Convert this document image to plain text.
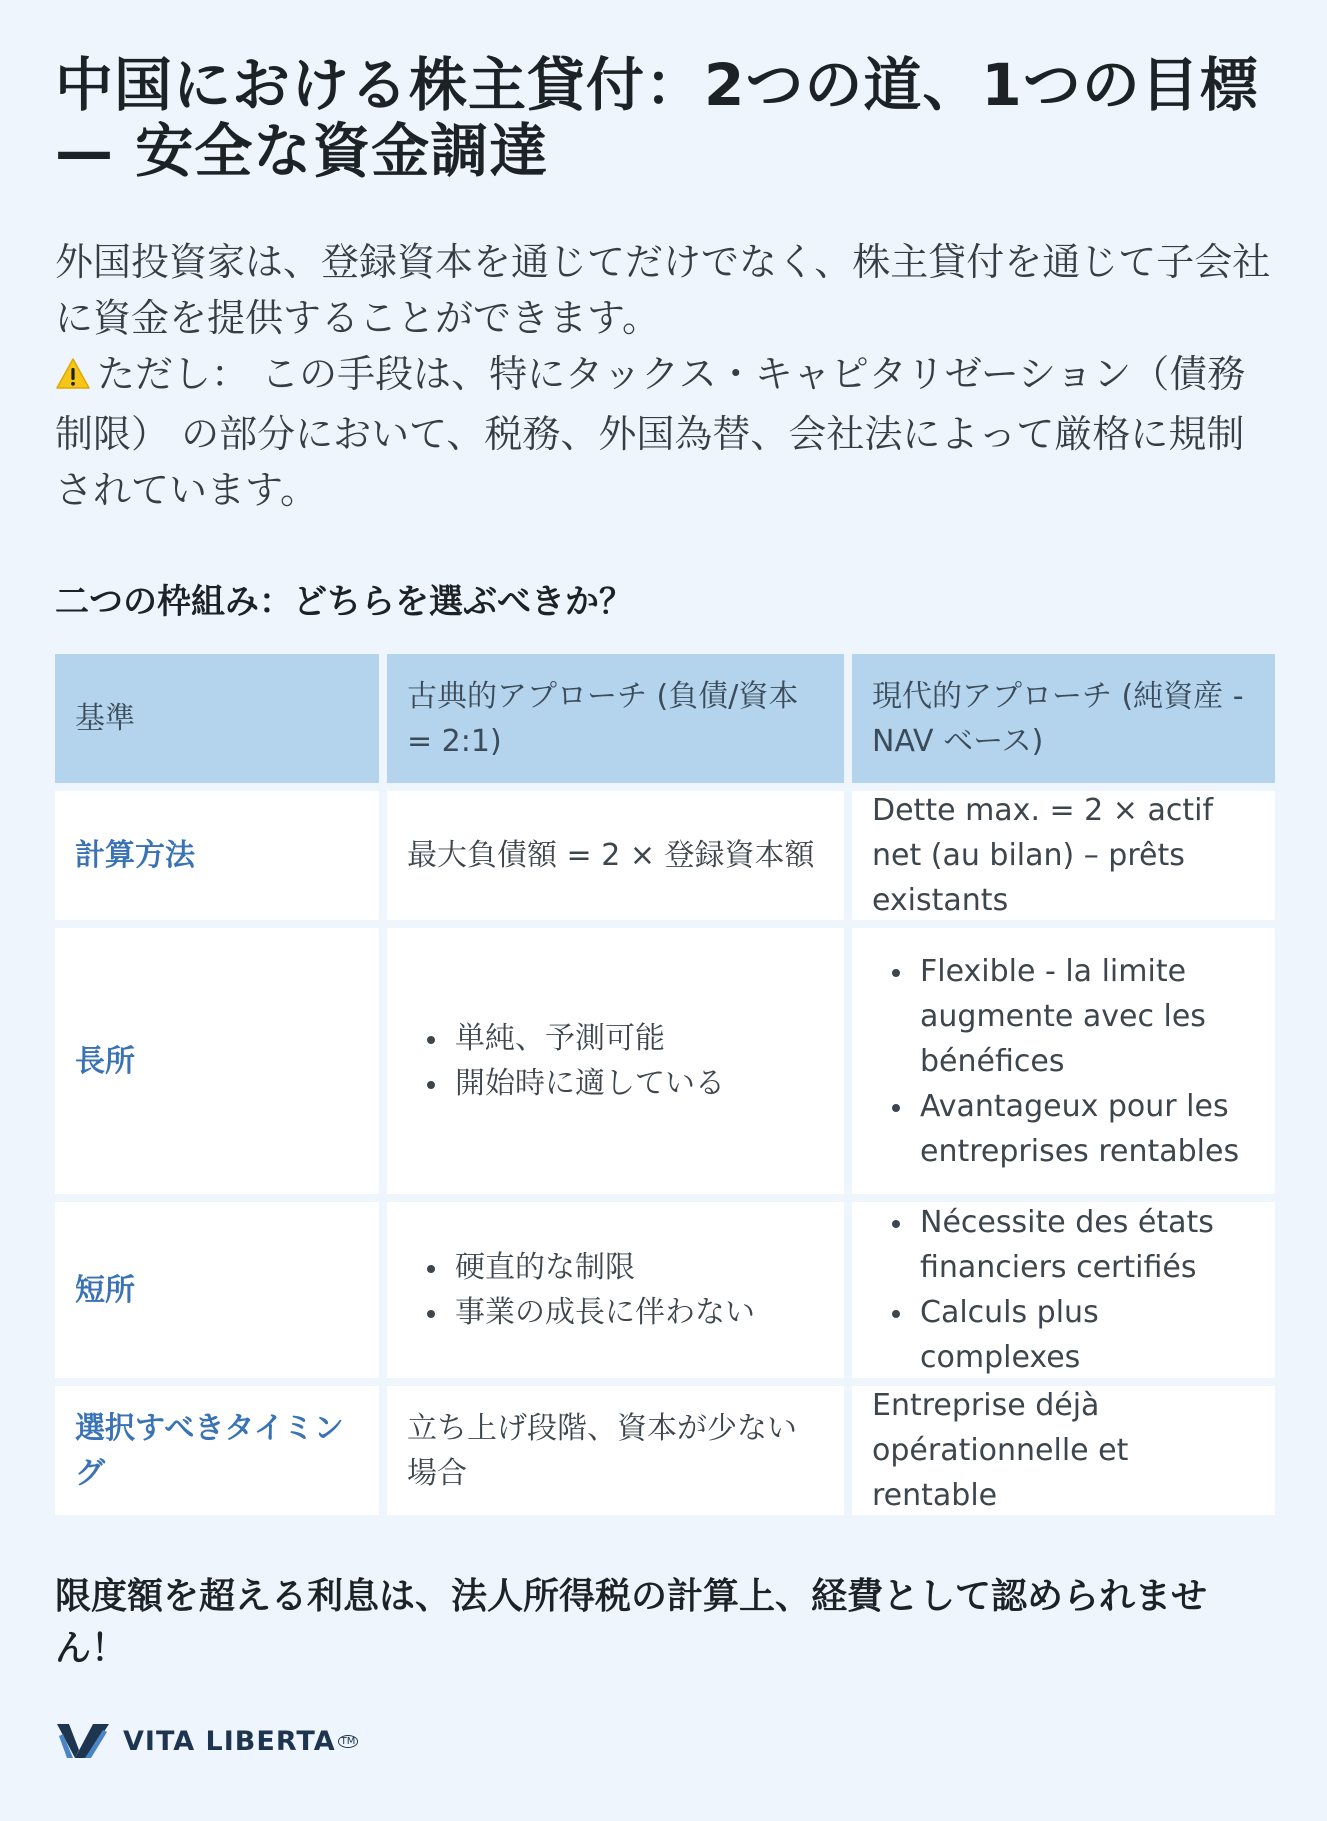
中国における株主貸付：2つの道、1つの目標 — 安全な資金調達

外国投資家は、登録資本を通じてだけでなく、株主貸付を通じて子会社に資金を提供することができます。

ただし： この手段は、特にタックス・キャピタリゼーション（債務制限） の部分において、税務、外国為替、会社法によって厳格に規制されています。

二つの枠組み：どちらを選ぶべきか？
基準
古典的アプローチ (負債/資本 = 2:1)
現代的アプローチ (純資産 - NAV ベース)
計算方法	最大負債額 = 2 × 登録資本額
Dette max. = 2 × actif net (au bilan) – prêts existants
長所
単純、予測可能
開始時に適している
Flexible - la limite augmente avec les bénéfices
Avantageux pour les entreprises rentables
短所
硬直的な制限
事業の成長に伴わない
Nécessite des états financiers certifiés
Calculs plus complexes
選択すべきタイミング
立ち上げ段階、資本が少ない場合
Entreprise déjà opérationnelle et rentable

限度額を超える利息は、法人所得税の計算上、経費として認められません！

VITA LIBERTA TM
